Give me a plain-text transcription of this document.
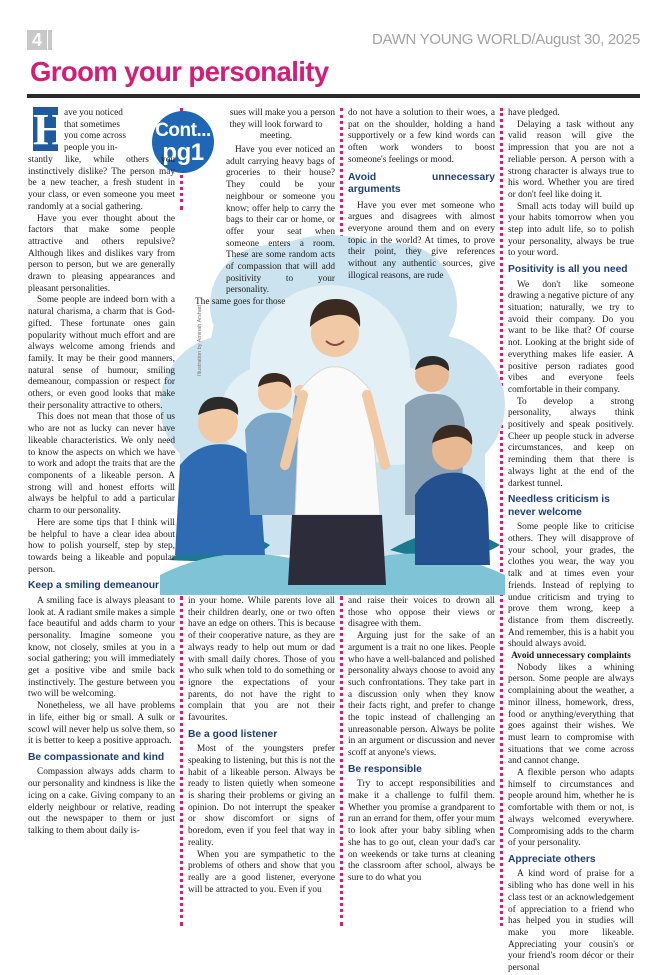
4	DAWN YOUNG WORLD/August 30, 2025
Groom your personality
Cont...
pg1
Illustration by Aminah Arshad
H
ave you noticed
that sometimes
you come across
people you in-

stantly like, while others you instinctively dislike? The person may be a new teacher, a fresh student in your class, or even someone you meet randomly at a social gathering.

Have you ever thought about the factors that make some people attractive and others repulsive? Although likes and dislikes vary from person to person, but we are generally drawn to pleasing appearances and pleasant personalities.

Some people are indeed born with a natural charisma, a charm that is God-gifted. These fortunate ones gain popularity without much effort and are always welcome among friends and family. It may be their good manners, natural sense of humour, smiling demeanour, compassion or respect for others, or even good looks that make their personality attractive to others.

This does not mean that those of us who are not as lucky can never have likeable characteristics. We only need to know the aspects on which we have to work and adopt the traits that are the components of a likeable person. A strong will and honest efforts will always be helpful to add a particular charm to our personality.

Here are some tips that I think will be helpful to have a clear idea about how to polish yourself, step by step, towards being a likeable and popular person.

Keep a smiling demeanour

A smiling face is always pleasant to look at. A radiant smile makes a simple face beautiful and adds charm to your personality. Imagine someone you know, not closely, smiles at you in a social gathering; you will immediately get a positive vibe and smile back instinctively. The gesture between you two will be welcoming.

Nonetheless, we all have problems in life, either big or small. A sulk or scowl will never help us solve them, so it is better to keep a positive approach.

Be compassionate and kind

Compassion always adds charm to our personality and kindness is like the icing on a cake. Giving company to an elderly neighbour or relative, reading out the newspaper to them or just talking to them about daily is-

sues will make you a person
they will look forward to
meeting.

Have you ever noticed an adult carrying heavy bags of groceries to their house? They could be your neighbour or someone you know; offer help to carry the bags to their car or home, or offer your seat when someone enters a room. These are some random acts of compassion that will add positivity to your personality.

The same goes for those

in your home. While parents love all their children dearly, one or two often have an edge on others. This is because of their cooperative nature, as they are always ready to help out mum or dad with small daily chores. Those of you who sulk when told to do something or ignore the expectations of your parents, do not have the right to complain that you are not their favourites.

Be a good listener

Most of the youngsters prefer speaking to listening, but this is not the habit of a likeable person. Always be ready to listen quietly when someone is sharing their problems or giving an opinion. Do not interrupt the speaker or show discomfort or signs of boredom, even if you feel that way in reality.

When you are sympathetic to the problems of others and show that you really are a good listener, everyone will be attracted to you. Even if you

do not have a solution to their woes, a pat on the shoulder, holding a hand supportively or a few kind words can often work wonders to boost someone's feelings or mood.

Avoid unnecessary arguments

Have you ever met someone who argues and disagrees with almost everyone around them and on every topic in the world? At times, to prove their point, they give references without any authentic sources, give illogical reasons, are rude

and raise their voices to drown all those who oppose their views or disagree with them.

Arguing just for the sake of an argument is a trait no one likes. People who have a well-balanced and polished personality always choose to avoid any such confrontations. They take part in a discussion only when they know their facts right, and prefer to change the topic instead of challenging an unreasonable person. Always be polite in an argument or discussion and never scoff at anyone's views.

Be responsible

Try to accept responsibilities and make it a challenge to fulfil them. Whether you promise a grandparent to run an errand for them, offer your mum to look after your baby sibling when she has to go out, clean your dad's car on weekends or take turns at cleaning the classroom after school, always be sure to do what you

have pledged.

Delaying a task without any valid reason will give the impression that you are not a reliable person. A person with a strong character is always true to his word. Whether you are tired or don't feel like doing it.

Small acts today will build up your habits tomorrow when you step into adult life, so to polish your personality, always be true to your word.

Positivity is all you need

We don't like someone drawing a negative picture of any situation; naturally, we try to avoid their company. Do you want to be like that? Of course not. Looking at the bright side of everything makes life easier. A positive person radiates good vibes and everyone feels comfortable in their company.

To develop a strong personality, always think positively and speak positively. Cheer up people stuck in adverse circumstances, and keep on reminding them that there is always light at the end of the darkest tunnel.

Needless criticism is
never welcome

Some people like to criticise others. They will disapprove of your school, your grades, the clothes you wear, the way you talk and at times even your friends. Instead of replying to undue criticism and trying to prove them wrong, keep a distance from them discreetly. And remember, this is a habit you should always avoid.

Avoid unnecessary complaints

Nobody likes a whining person. Some people are always complaining about the weather, a minor illness, homework, dress, food or anything/everything that goes against their wishes. We must learn to compromise with situations that we come across and cannot change.

A flexible person who adapts himself to circumstances and people around him, whether he is comfortable with them or not, is always welcomed everywhere. Compromising adds to the charm of your personality.

Appreciate others

A kind word of praise for a sibling who has done well in his class test or an acknowledgement of appreciation to a friend who has helped you in studies will make you more likeable. Appreciating your cousin's or your friend's room décor or their personal
